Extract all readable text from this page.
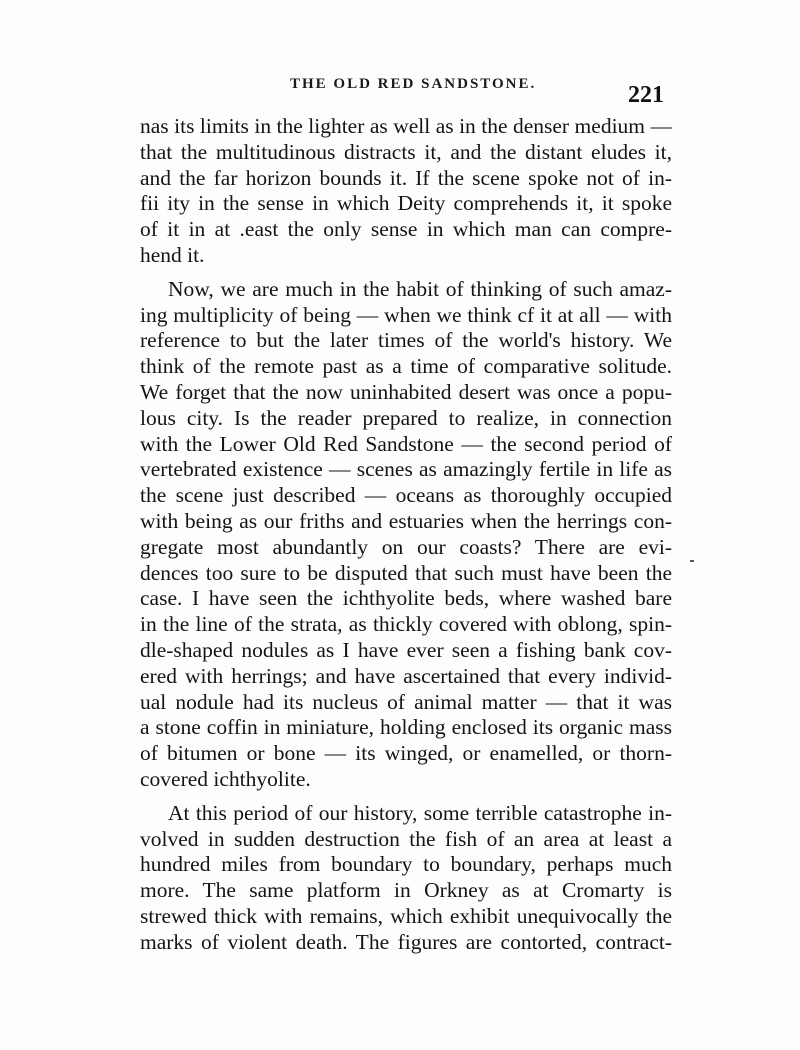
THE OLD RED SANDSTONE.	221
nas its limits in the lighter as well as in the denser medium —
that the multitudinous distracts it, and the distant eludes it,
and the far horizon bounds it. If the scene spoke not of in-
fii ity in the sense in which Deity comprehends it, it spoke
of it in at .east the only sense in which man can compre-
hend it.
Now, we are much in the habit of thinking of such amaz-
ing multiplicity of being — when we think cf it at all — with
reference to but the later times of the world's history. We
think of the remote past as a time of comparative solitude.
We forget that the now uninhabited desert was once a popu-
lous city. Is the reader prepared to realize, in connection
with the Lower Old Red Sandstone — the second period of
vertebrated existence — scenes as amazingly fertile in life as
the scene just described — oceans as thoroughly occupied
with being as our friths and estuaries when the herrings con-
gregate most abundantly on our coasts? There are evi-
dences too sure to be disputed that such must have been the
case. I have seen the ichthyolite beds, where washed bare
in the line of the strata, as thickly covered with oblong, spin-
dle-shaped nodules as I have ever seen a fishing bank cov-
ered with herrings; and have ascertained that every individ-
ual nodule had its nucleus of animal matter — that it was
a stone coffin in miniature, holding enclosed its organic mass
of bitumen or bone — its winged, or enamelled, or thorn-
covered ichthyolite.
At this period of our history, some terrible catastrophe in-
volved in sudden destruction the fish of an area at least a
hundred miles from boundary to boundary, perhaps much
more. The same platform in Orkney as at Cromarty is
strewed thick with remains, which exhibit unequivocally the
marks of violent death. The figures are contorted, contract-
